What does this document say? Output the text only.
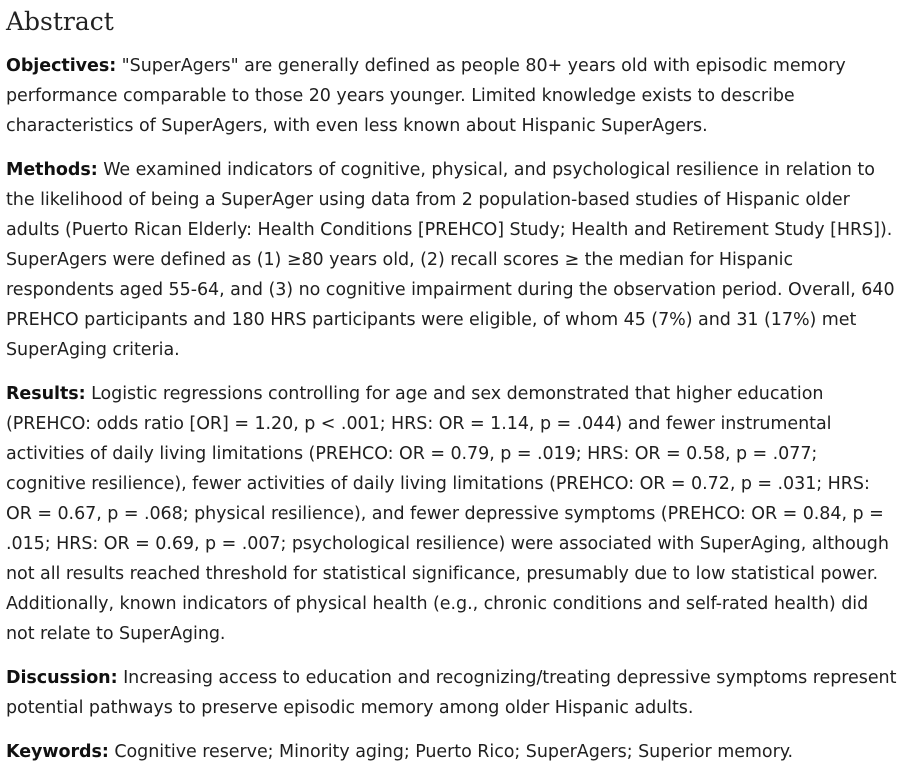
Abstract

Objectives: "SuperAgers" are generally defined as people 80+ years old with episodic memory performance comparable to those 20 years younger. Limited knowledge exists to describe characteristics of SuperAgers, with even less known about Hispanic SuperAgers.

Methods: We examined indicators of cognitive, physical, and psychological resilience in relation to the likelihood of being a SuperAger using data from 2 population-based studies of Hispanic older adults (Puerto Rican Elderly: Health Conditions [PREHCO] Study; Health and Retirement Study [HRS]). SuperAgers were defined as (1) ≥80 years old, (2) recall scores ≥ the median for Hispanic respondents aged 55-64, and (3) no cognitive impairment during the observation period. Overall, 640 PREHCO participants and 180 HRS participants were eligible, of whom 45 (7%) and 31 (17%) met SuperAging criteria.

Results: Logistic regressions controlling for age and sex demonstrated that higher education (PREHCO: odds ratio [OR] = 1.20, p < .001; HRS: OR = 1.14, p = .044) and fewer instrumental activities of daily living limitations (PREHCO: OR = 0.79, p = .019; HRS: OR = 0.58, p = .077; cognitive resilience), fewer activities of daily living limitations (PREHCO: OR = 0.72, p = .031; HRS: OR = 0.67, p = .068; physical resilience), and fewer depressive symptoms (PREHCO: OR = 0.84, p = .015; HRS: OR = 0.69, p = .007; psychological resilience) were associated with SuperAging, although not all results reached threshold for statistical significance, presumably due to low statistical power. Additionally, known indicators of physical health (e.g., chronic conditions and self-rated health) did not relate to SuperAging.

Discussion: Increasing access to education and recognizing/treating depressive symptoms represent potential pathways to preserve episodic memory among older Hispanic adults.

Keywords: Cognitive reserve; Minority aging; Puerto Rico; SuperAgers; Superior memory.
